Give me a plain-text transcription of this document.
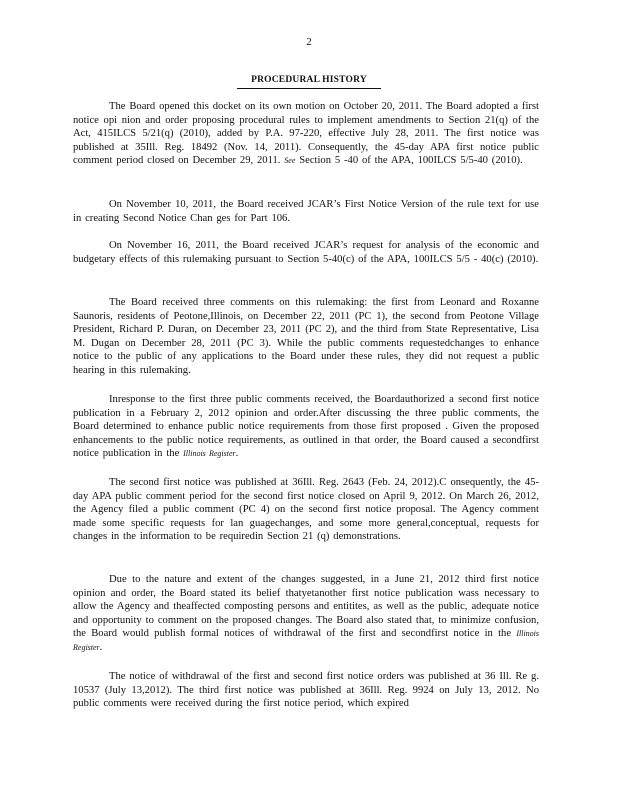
2
PROCEDURAL HISTORY

The Board opened this docket on its own motion on October 20, 2011. The Board adopted a first notice opi nion and order proposing procedural rules to implement amendments to Section 21(q) of the Act, 415ILCS 5/21(q) (2010), added by P.A. 97-220, effective July 28, 2011. The first notice was published at 35Ill. Reg. 18492 (Nov. 14, 2011). Consequently, the 45-day APA first notice public comment period closed on December 29, 2011. See Section 5 -40 of the APA, 100ILCS 5/5-40 (2010).

On November 10, 2011, the Board received JCAR’s First Notice Version of the rule text for use in creating Second Notice Chan ges for Part 106.

On November 16, 2011, the Board received JCAR’s request for analysis of the economic and budgetary effects of this rulemaking pursuant to Section 5-40(c) of the APA, 100ILCS 5/5 - 40(c) (2010).

The Board received three comments on this rulemaking: the first from Leonard and Roxanne Saunoris, residents of Peotone,Illinois, on December 22, 2011 (PC 1), the second from Peotone Village President, Richard P. Duran, on December 23, 2011 (PC 2), and the third from State Representative, Lisa M. Dugan on December 28, 2011 (PC 3). While the public comments requestedchanges to enhance notice to the public of any applications to the Board under these rules, they did not request a public hearing in this rulemaking.

Inresponse to the first three public comments received, the Boardauthorized a second first notice publication in a February 2, 2012 opinion and order.After discussing the three public comments, the Board determined to enhance public notice requirements from those first proposed . Given the proposed enhancements to the public notice requirements, as outlined in that order, the Board caused a secondfirst notice publication in the Illinois Register.

The second first notice was published at 36Ill. Reg. 2643 (Feb. 24, 2012).C onsequently, the 45-day APA public comment period for the second first notice closed on April 9, 2012. On March 26, 2012, the Agency filed a public comment (PC 4) on the second first notice proposal. The Agency comment made some specific requests for lan guagechanges, and some more general,conceptual, requests for changes in the information to be requiredin Section 21 (q) demonstrations.

Due to the nature and extent of the changes suggested, in a June 21, 2012 third first notice opinion and order, the Board stated its belief thatyetanother first notice publication wass necessary to allow the Agency and theaffected composting persons and entitites, as well as the public, adequate notice and opportunity to comment on the proposed changes. The Board also stated that, to minimize confusion, the Board would publish formal notices of withdrawal of the first and secondfirst notice in the Illinois Register.

The notice of withdrawal of the first and second first notice orders was published at 36 Ill. Re g. 10537 (July 13,2012). The third first notice was published at 36Ill. Reg. 9924 on July 13, 2012. No public comments were received during the first notice period, which expired
